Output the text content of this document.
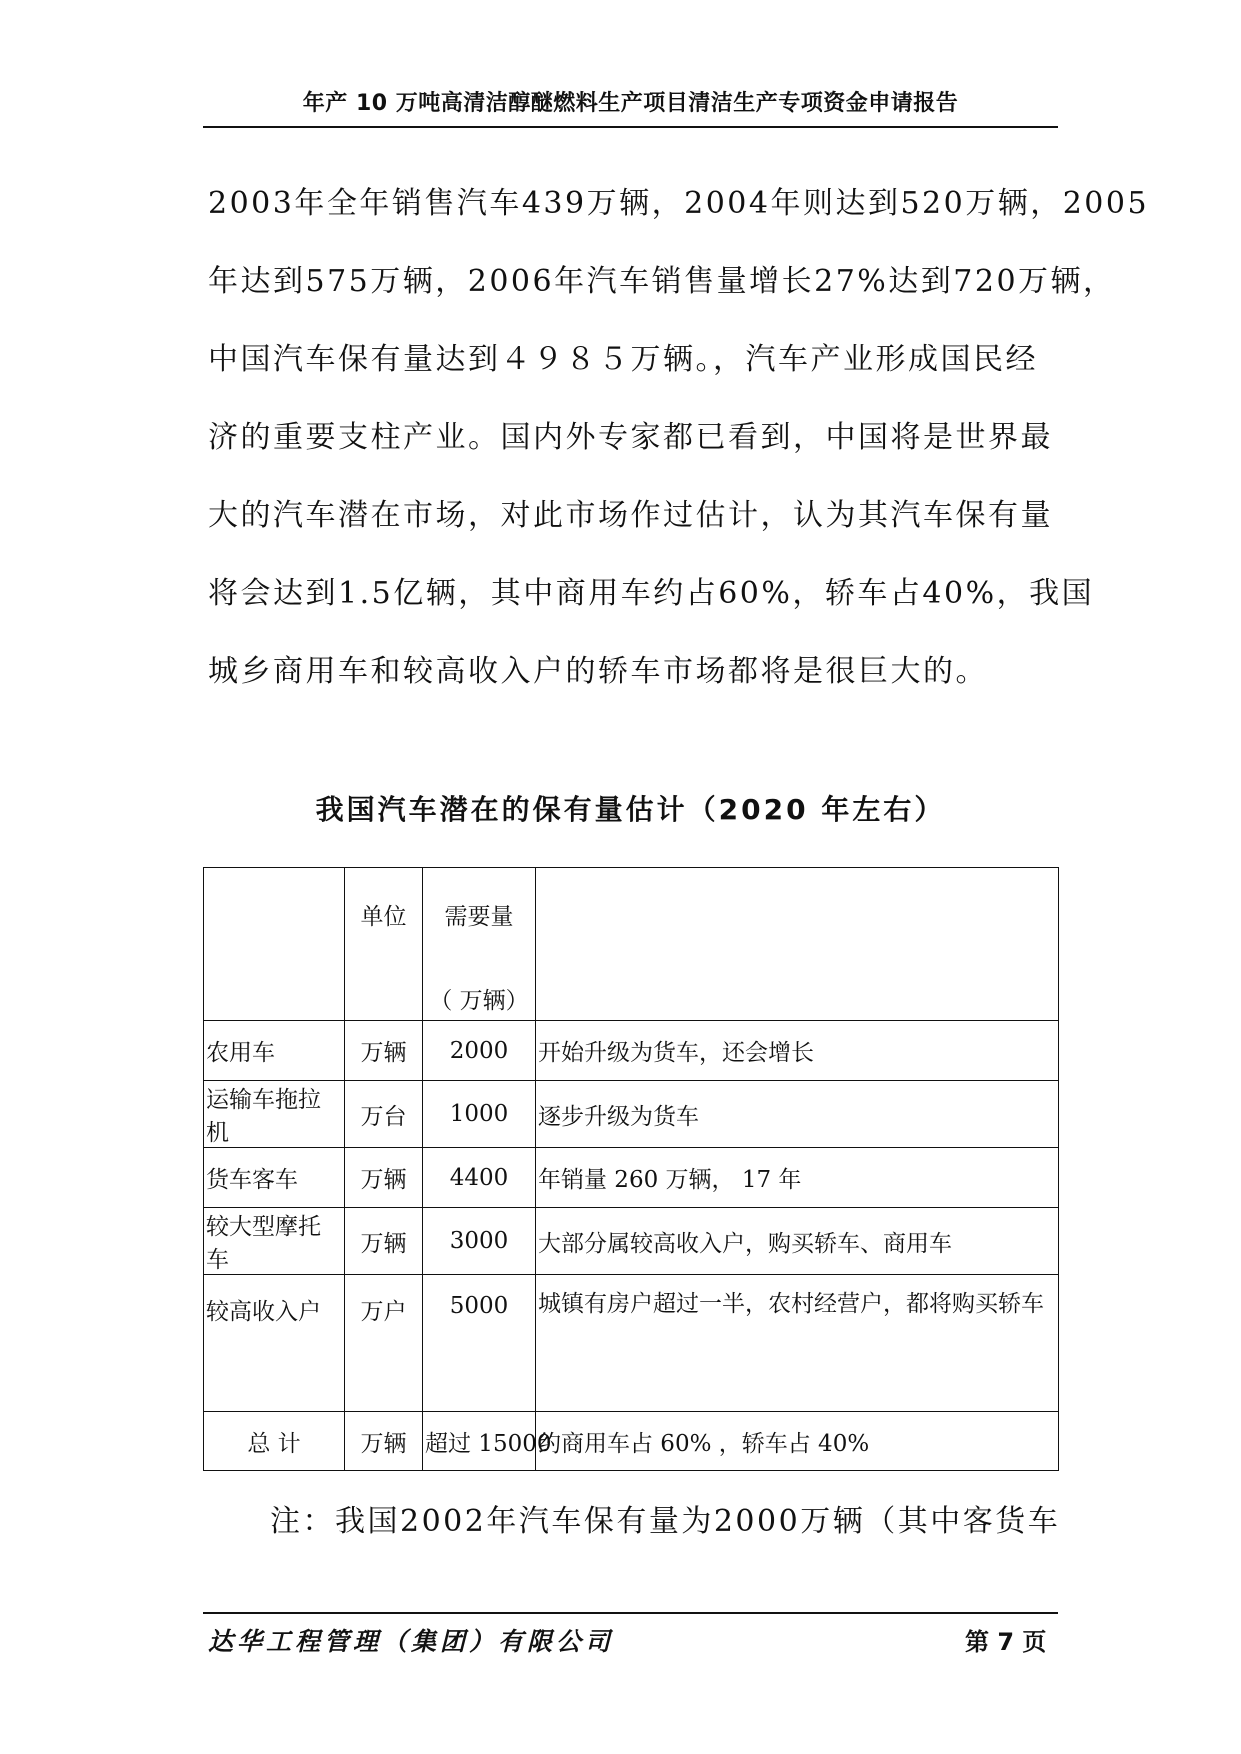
年产 10 万吨高清洁醇醚燃料生产项目清洁生产专项资金申请报告
2003年全年销售汽车439万辆，2004年则达到520万辆，2005
年达到575万辆，2006年汽车销售量增长27%达到720万辆，
中国汽车保有量达到４９８５万辆。，汽车产业形成国民经
济的重要支柱产业。国内外专家都已看到，中国将是世界最
大的汽车潜在市场，对此市场作过估计，认为其汽车保有量
将会达到1.5亿辆，其中商用车约占60%，轿车占40%，我国
城乡商用车和较高收入户的轿车市场都将是很巨大的。
我国汽车潜在的保有量估计（2020 年左右）

	单位	需要量
（ 万辆）	

农用车	万辆	2000	开始升级为货车，还会增长
运输车拖拉机	万台	1000	逐步升级为货车
货车客车	万辆	4400	年销量 260 万辆， 17 年
较大型摩托车	万辆	3000	大部分属较高收入户，购买轿车、商用车
较高收入户	万户	5000	城镇有房户超过一半，农村经营户，都将购买轿车
总 计	万辆	超过 15000	约商用车占 60% ，轿车占 40%
注：我国2002年汽车保有量为2000万辆（其中客货车
达华工程管理（集团）有限公司	第 7 页
